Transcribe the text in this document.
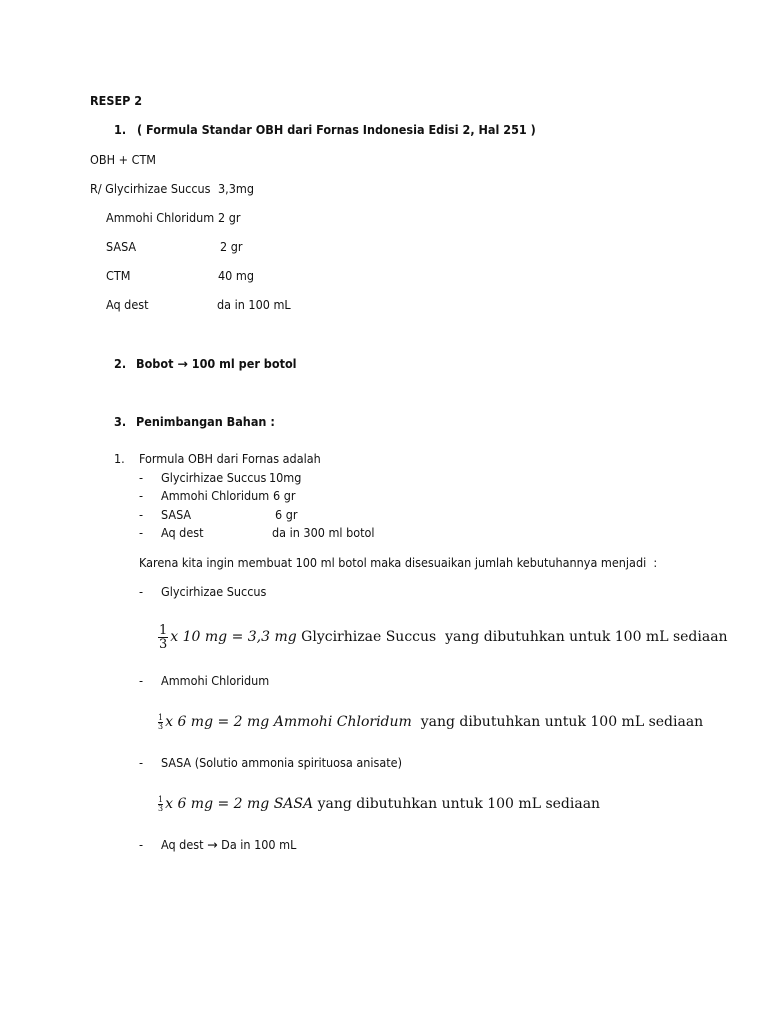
RESEP 2
1. ( Formula Standar OBH dari Fornas Indonesia Edisi 2, Hal 251 )
OBH + CTM
R/ Glycirhizae Succus 3,3mg
Ammohi Chloridum 2 gr
SASA	2 gr
CTM	40 mg
Aq dest	da in 100 mL
2. Bobot → 100 ml per botol
3. Penimbangan Bahan :
1. Formula OBH dari Fornas adalah
- Glycirhizae Succus 10mg
- Ammohi Chloridum 6 gr
- SASA	6 gr
- Aq dest	da in 300 ml botol
Karena kita ingin membuat 100 ml botol maka disesuaikan jumlah kebutuhannya menjadi  :
- Glycirhizae Succus
$\frac{1}{3}$ x 10 mg = 3,3 mg Glycirhizae Succus  yang dibutuhkan untuk 100 mL sediaan
- Ammohi Chloridum
$\frac{1}{3}$ x 6 mg = 2 mg Ammohi Chloridum yang dibutuhkan untuk 100 mL sediaan
- SASA (Solutio ammonia spirituosa anisate)
$\frac{1}{3}$ x 6 mg = 2 mg SASA yang dibutuhkan untuk 100 mL sediaan
- Aq dest → Da in 100 mL
